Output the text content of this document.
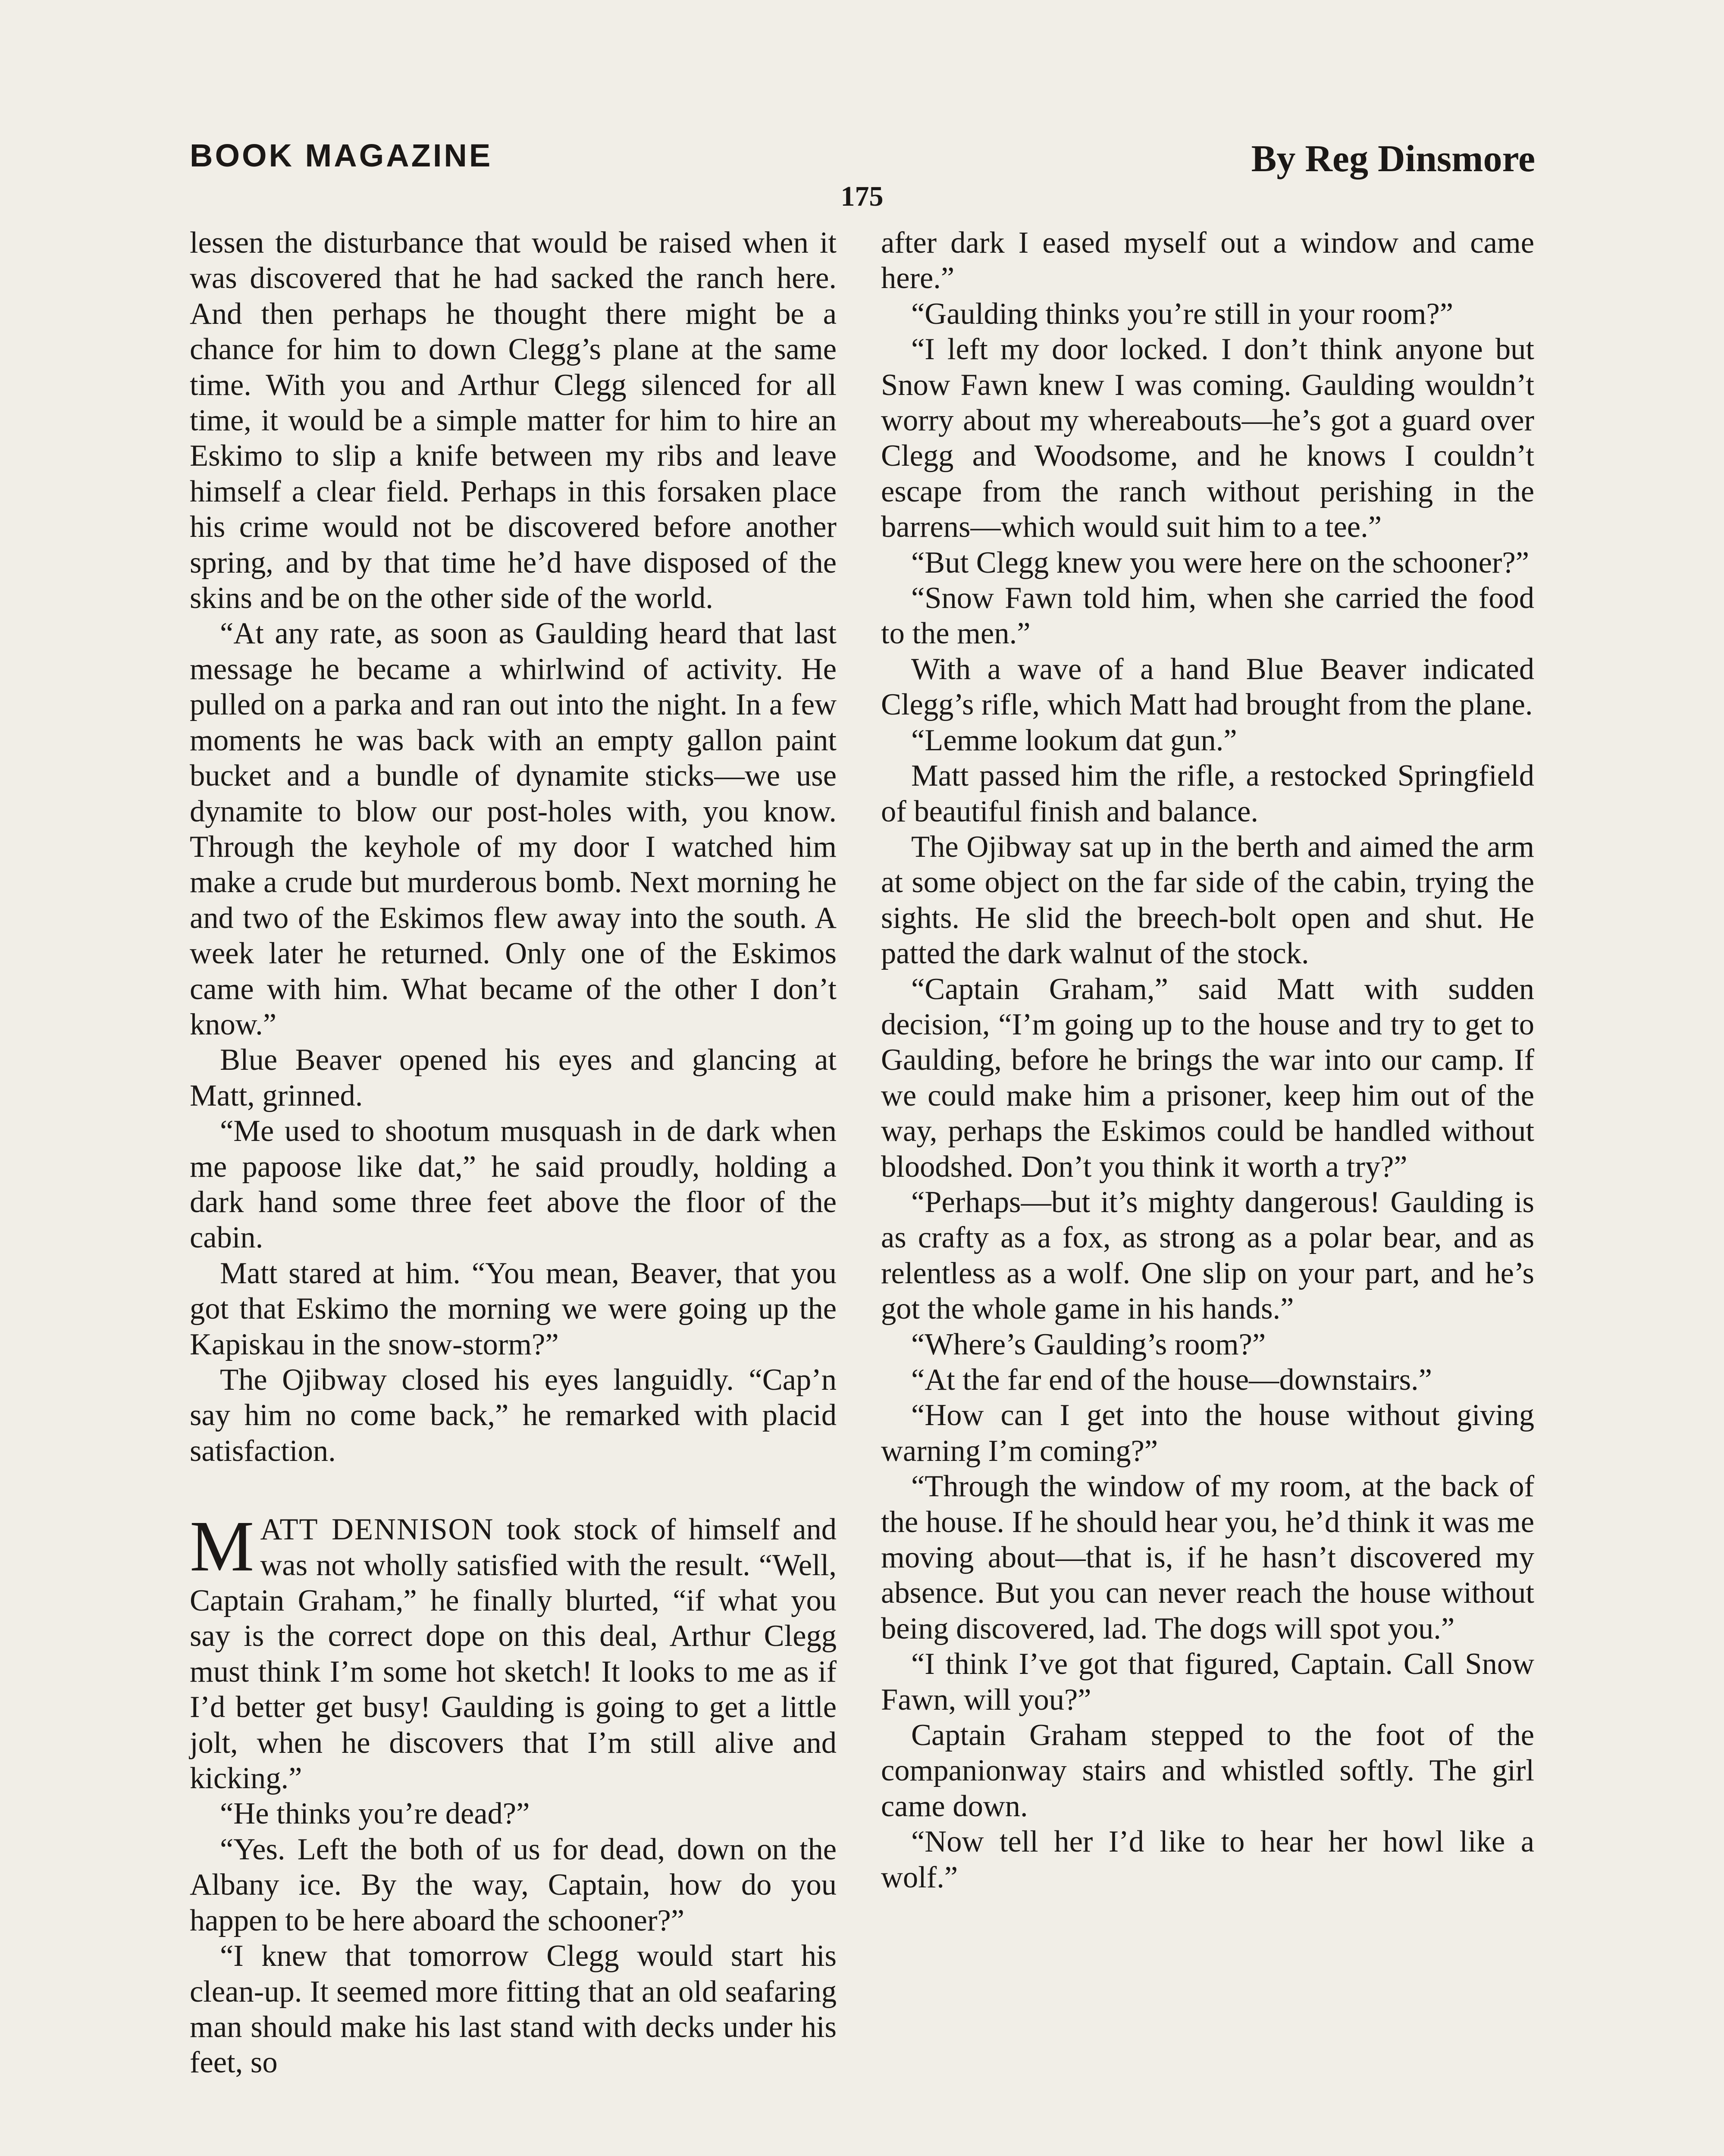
BOOK MAGAZINE	By Reg Dinsmore
175

lessen the disturbance that would be raised when it was discovered that he had sacked the ranch here. And then perhaps he thought there might be a chance for him to down Clegg’s plane at the same time. With you and Arthur Clegg silenced for all time, it would be a simple matter for him to hire an Eskimo to slip a knife between my ribs and leave himself a clear field. Perhaps in this forsaken place his crime would not be discovered before another spring, and by that time he’d have disposed of the skins and be on the other side of the world.

“At any rate, as soon as Gaulding heard that last message he became a whirlwind of activity. He pulled on a parka and ran out into the night. In a few moments he was back with an empty gallon paint bucket and a bundle of dynamite sticks—we use dynamite to blow our post-holes with, you know. Through the keyhole of my door I watched him make a crude but murderous bomb. Next morning he and two of the Eskimos flew away into the south. A week later he returned. Only one of the Eskimos came with him. What became of the other I don’t know.”

Blue Beaver opened his eyes and glancing at Matt, grinned.

“Me used to shootum musquash in de dark when me papoose like dat,” he said proudly, holding a dark hand some three feet above the floor of the cabin.

Matt stared at him. “You mean, Beaver, that you got that Eskimo the morning we were going up the Kapiskau in the snow-storm?”

The Ojibway closed his eyes languidly. “Cap’n say him no come back,” he remarked with placid satisfaction.

MATT DENNISON took stock of himself and was not wholly satisfied with the result. “Well, Captain Graham,” he finally blurted, “if what you say is the correct dope on this deal, Arthur Clegg must think I’m some hot sketch! It looks to me as if I’d better get busy! Gaulding is going to get a little jolt, when he discovers that I’m still alive and kicking.”

“He thinks you’re dead?”

“Yes. Left the both of us for dead, down on the Albany ice. By the way, Captain, how do you happen to be here aboard the schooner?”

“I knew that tomorrow Clegg would start his clean-up. It seemed more fitting that an old seafaring man should make his last stand with decks under his feet, so

after dark I eased myself out a window and came here.”

“Gaulding thinks you’re still in your room?”

“I left my door locked. I don’t think anyone but Snow Fawn knew I was coming. Gaulding wouldn’t worry about my whereabouts—he’s got a guard over Clegg and Woodsome, and he knows I couldn’t escape from the ranch without perishing in the barrens—which would suit him to a tee.”

“But Clegg knew you were here on the schooner?”

“Snow Fawn told him, when she carried the food to the men.”

With a wave of a hand Blue Beaver indicated Clegg’s rifle, which Matt had brought from the plane.

“Lemme lookum dat gun.”

Matt passed him the rifle, a restocked Springfield of beautiful finish and balance.

The Ojibway sat up in the berth and aimed the arm at some object on the far side of the cabin, trying the sights. He slid the breech-bolt open and shut. He patted the dark walnut of the stock.

“Captain Graham,” said Matt with sudden decision, “I’m going up to the house and try to get to Gaulding, before he brings the war into our camp. If we could make him a prisoner, keep him out of the way, perhaps the Eskimos could be handled without bloodshed. Don’t you think it worth a try?”

“Perhaps—but it’s mighty dangerous! Gaulding is as crafty as a fox, as strong as a polar bear, and as relentless as a wolf. One slip on your part, and he’s got the whole game in his hands.”

“Where’s Gaulding’s room?”

“At the far end of the house—downstairs.”

“How can I get into the house without giving warning I’m coming?”

“Through the window of my room, at the back of the house. If he should hear you, he’d think it was me moving about—that is, if he hasn’t discovered my absence. But you can never reach the house without being discovered, lad. The dogs will spot you.”

“I think I’ve got that figured, Captain. Call Snow Fawn, will you?”

Captain Graham stepped to the foot of the companionway stairs and whistled softly. The girl came down.

“Now tell her I’d like to hear her howl like a wolf.”
